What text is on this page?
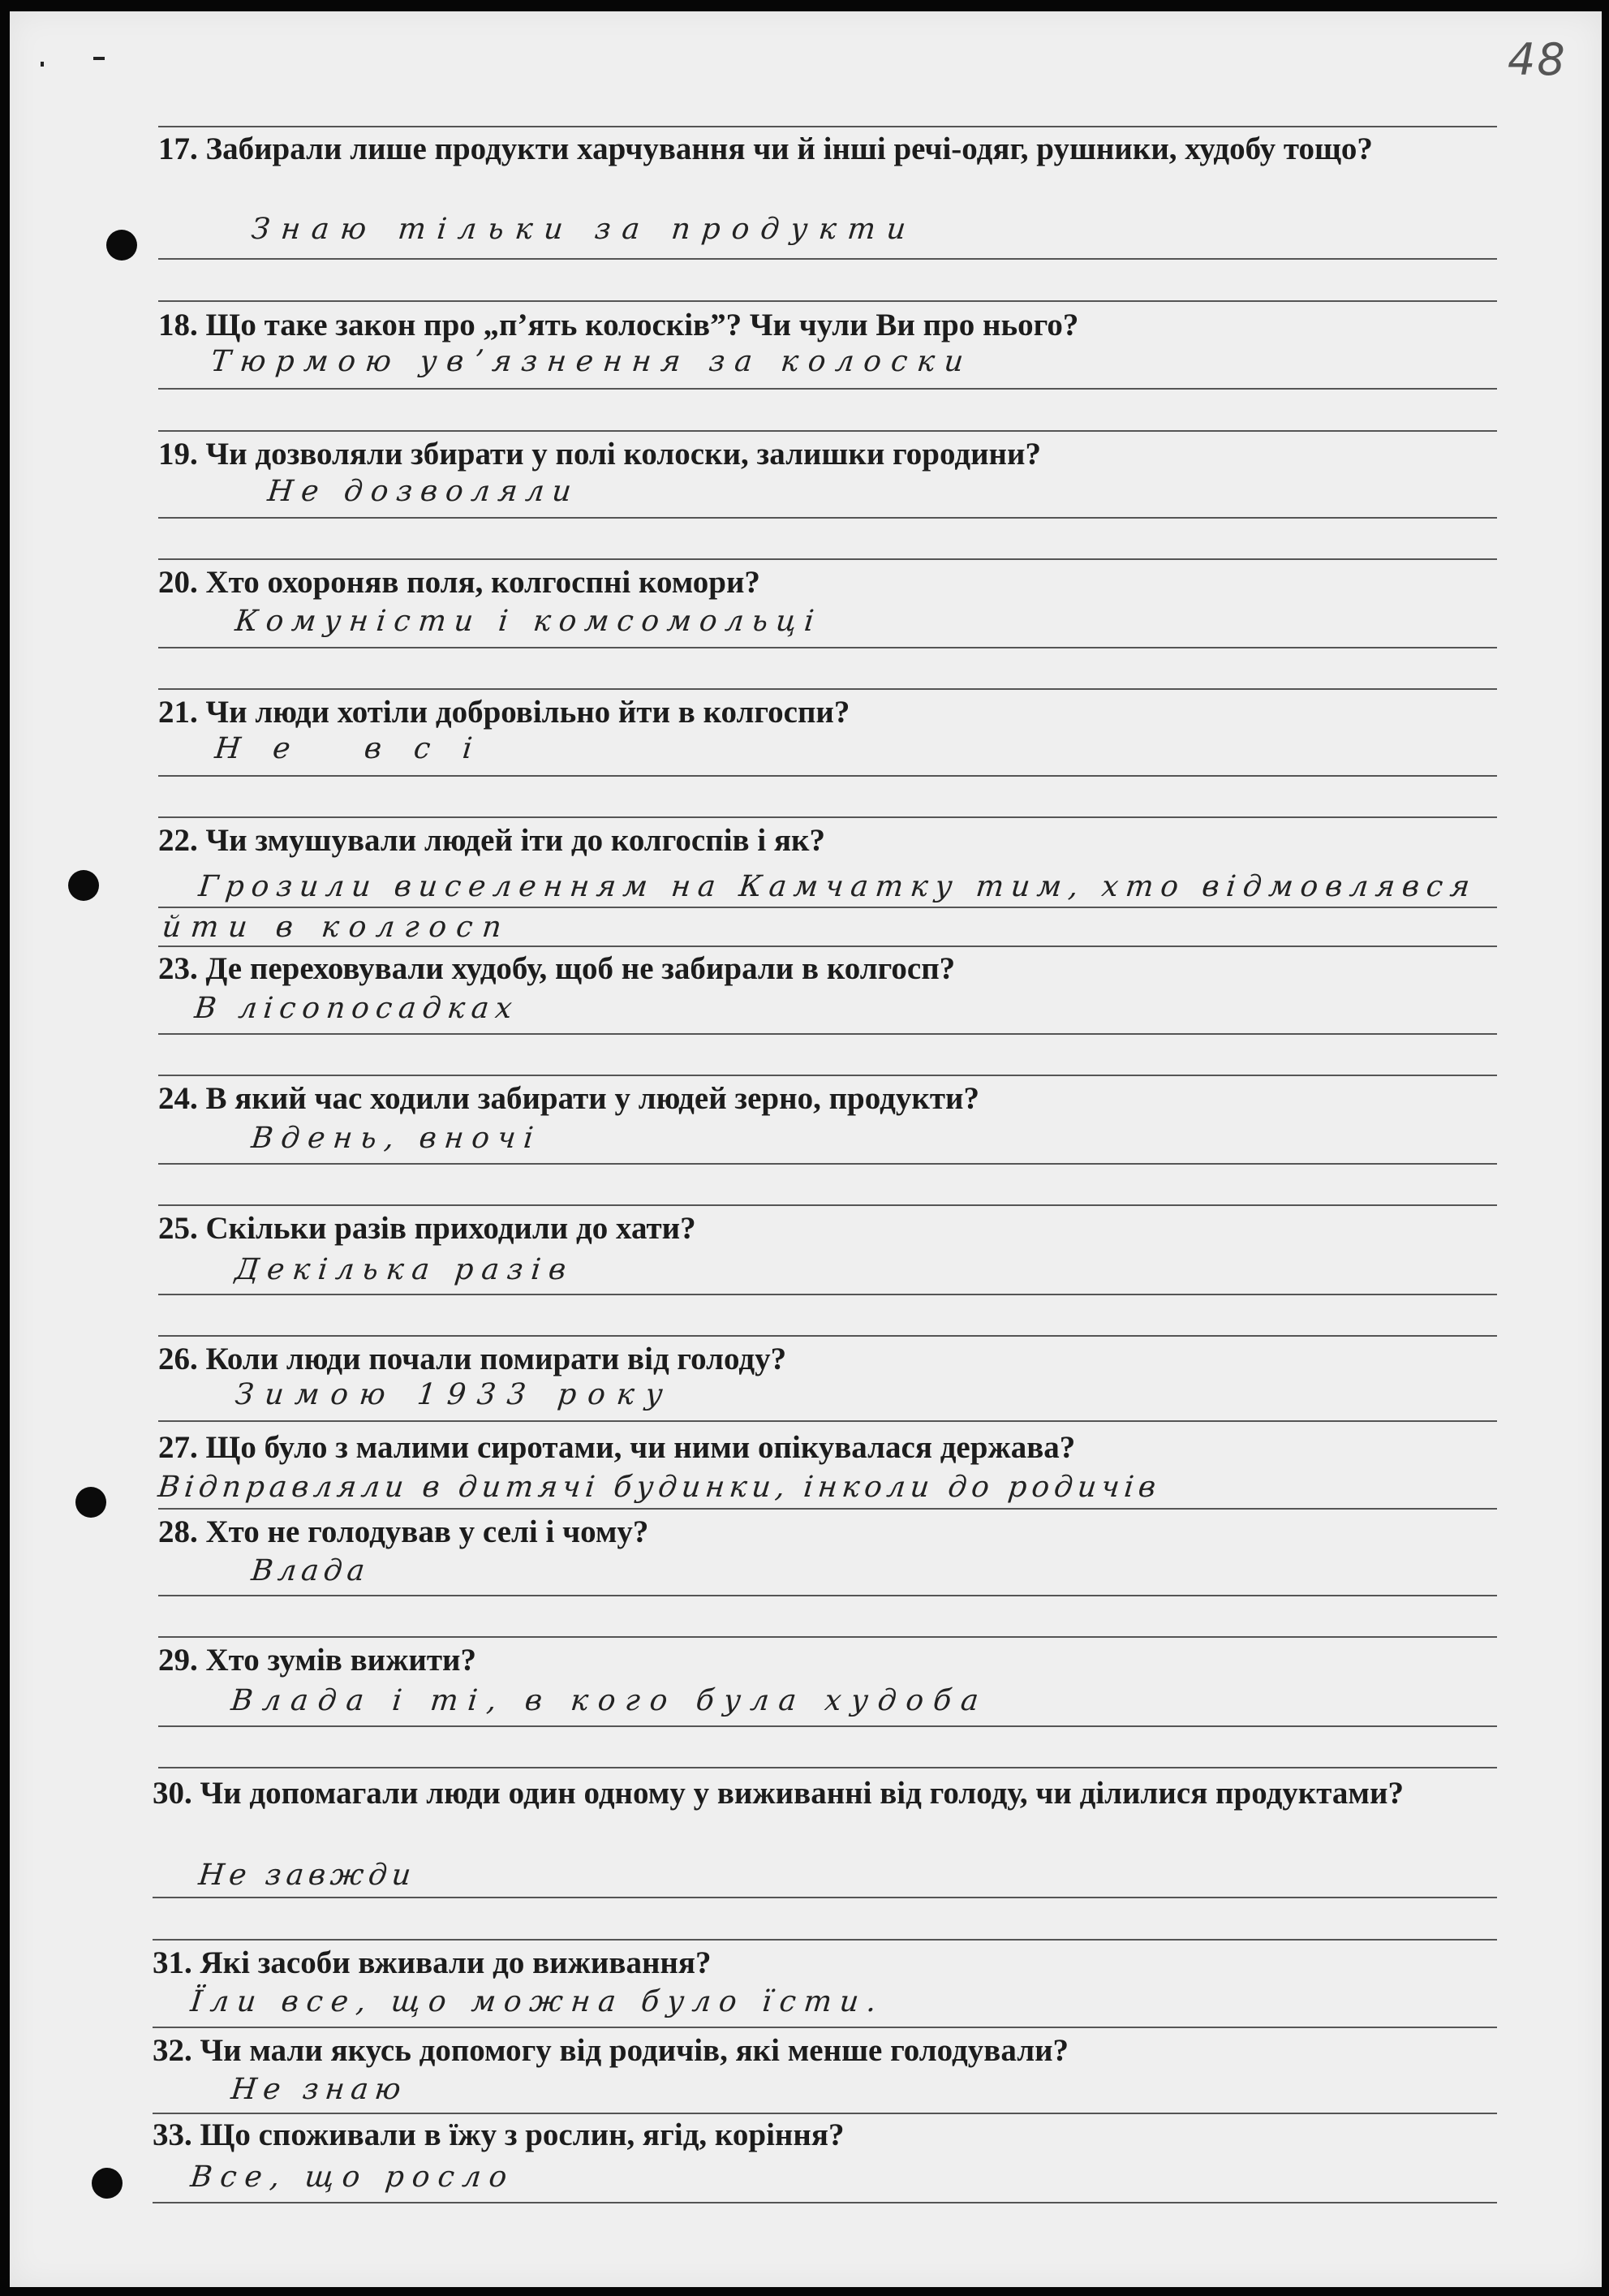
48
17. Забирали лише продукти харчування чи й інші речі-одяг, рушники, худобу тощо?
Знаю тільки за продукти
18. Що таке закон про „п’ять колосків”? Чи чули Ви про нього?
Тюрмою увʼязнення за колоски
19. Чи дозволяли збирати у полі колоски, залишки городини?
Не дозволяли
20. Хто охороняв поля, колгоспні комори?
Комуністи і комсомольці
21. Чи люди хотіли добровільно йти в колгоспи?
Не всі
22. Чи змушували людей іти до колгоспів і як?
Грозили виселенням на Камчатку тим, хто відмовлявся
йти в колгосп
23. Де переховували худобу, щоб не забирали в колгосп?
В лісопосадках
24. В який час ходили забирати у людей зерно, продукти?
Вдень, вночі
25. Скільки разів приходили до хати?
Декілька разів
26. Коли люди почали помирати від голоду?
Зимою 1933 року
27. Що було з малими сиротами, чи ними опікувалася держава?
Відправляли в дитячі будинки, інколи до родичів
28. Хто не голодував у селі і чому?
Влада
29. Хто зумів вижити?
Влада і ті, в кого була худоба
30. Чи допомагали люди один одному у виживанні від голоду, чи ділилися продуктами?
Не завжди
31. Які засоби вживали до виживання?
Їли все, що можна було їсти.
32. Чи мали якусь допомогу від родичів, які менше голодували?
Не знаю
33. Що споживали в їжу з рослин, ягід, коріння?
Все, що росло
